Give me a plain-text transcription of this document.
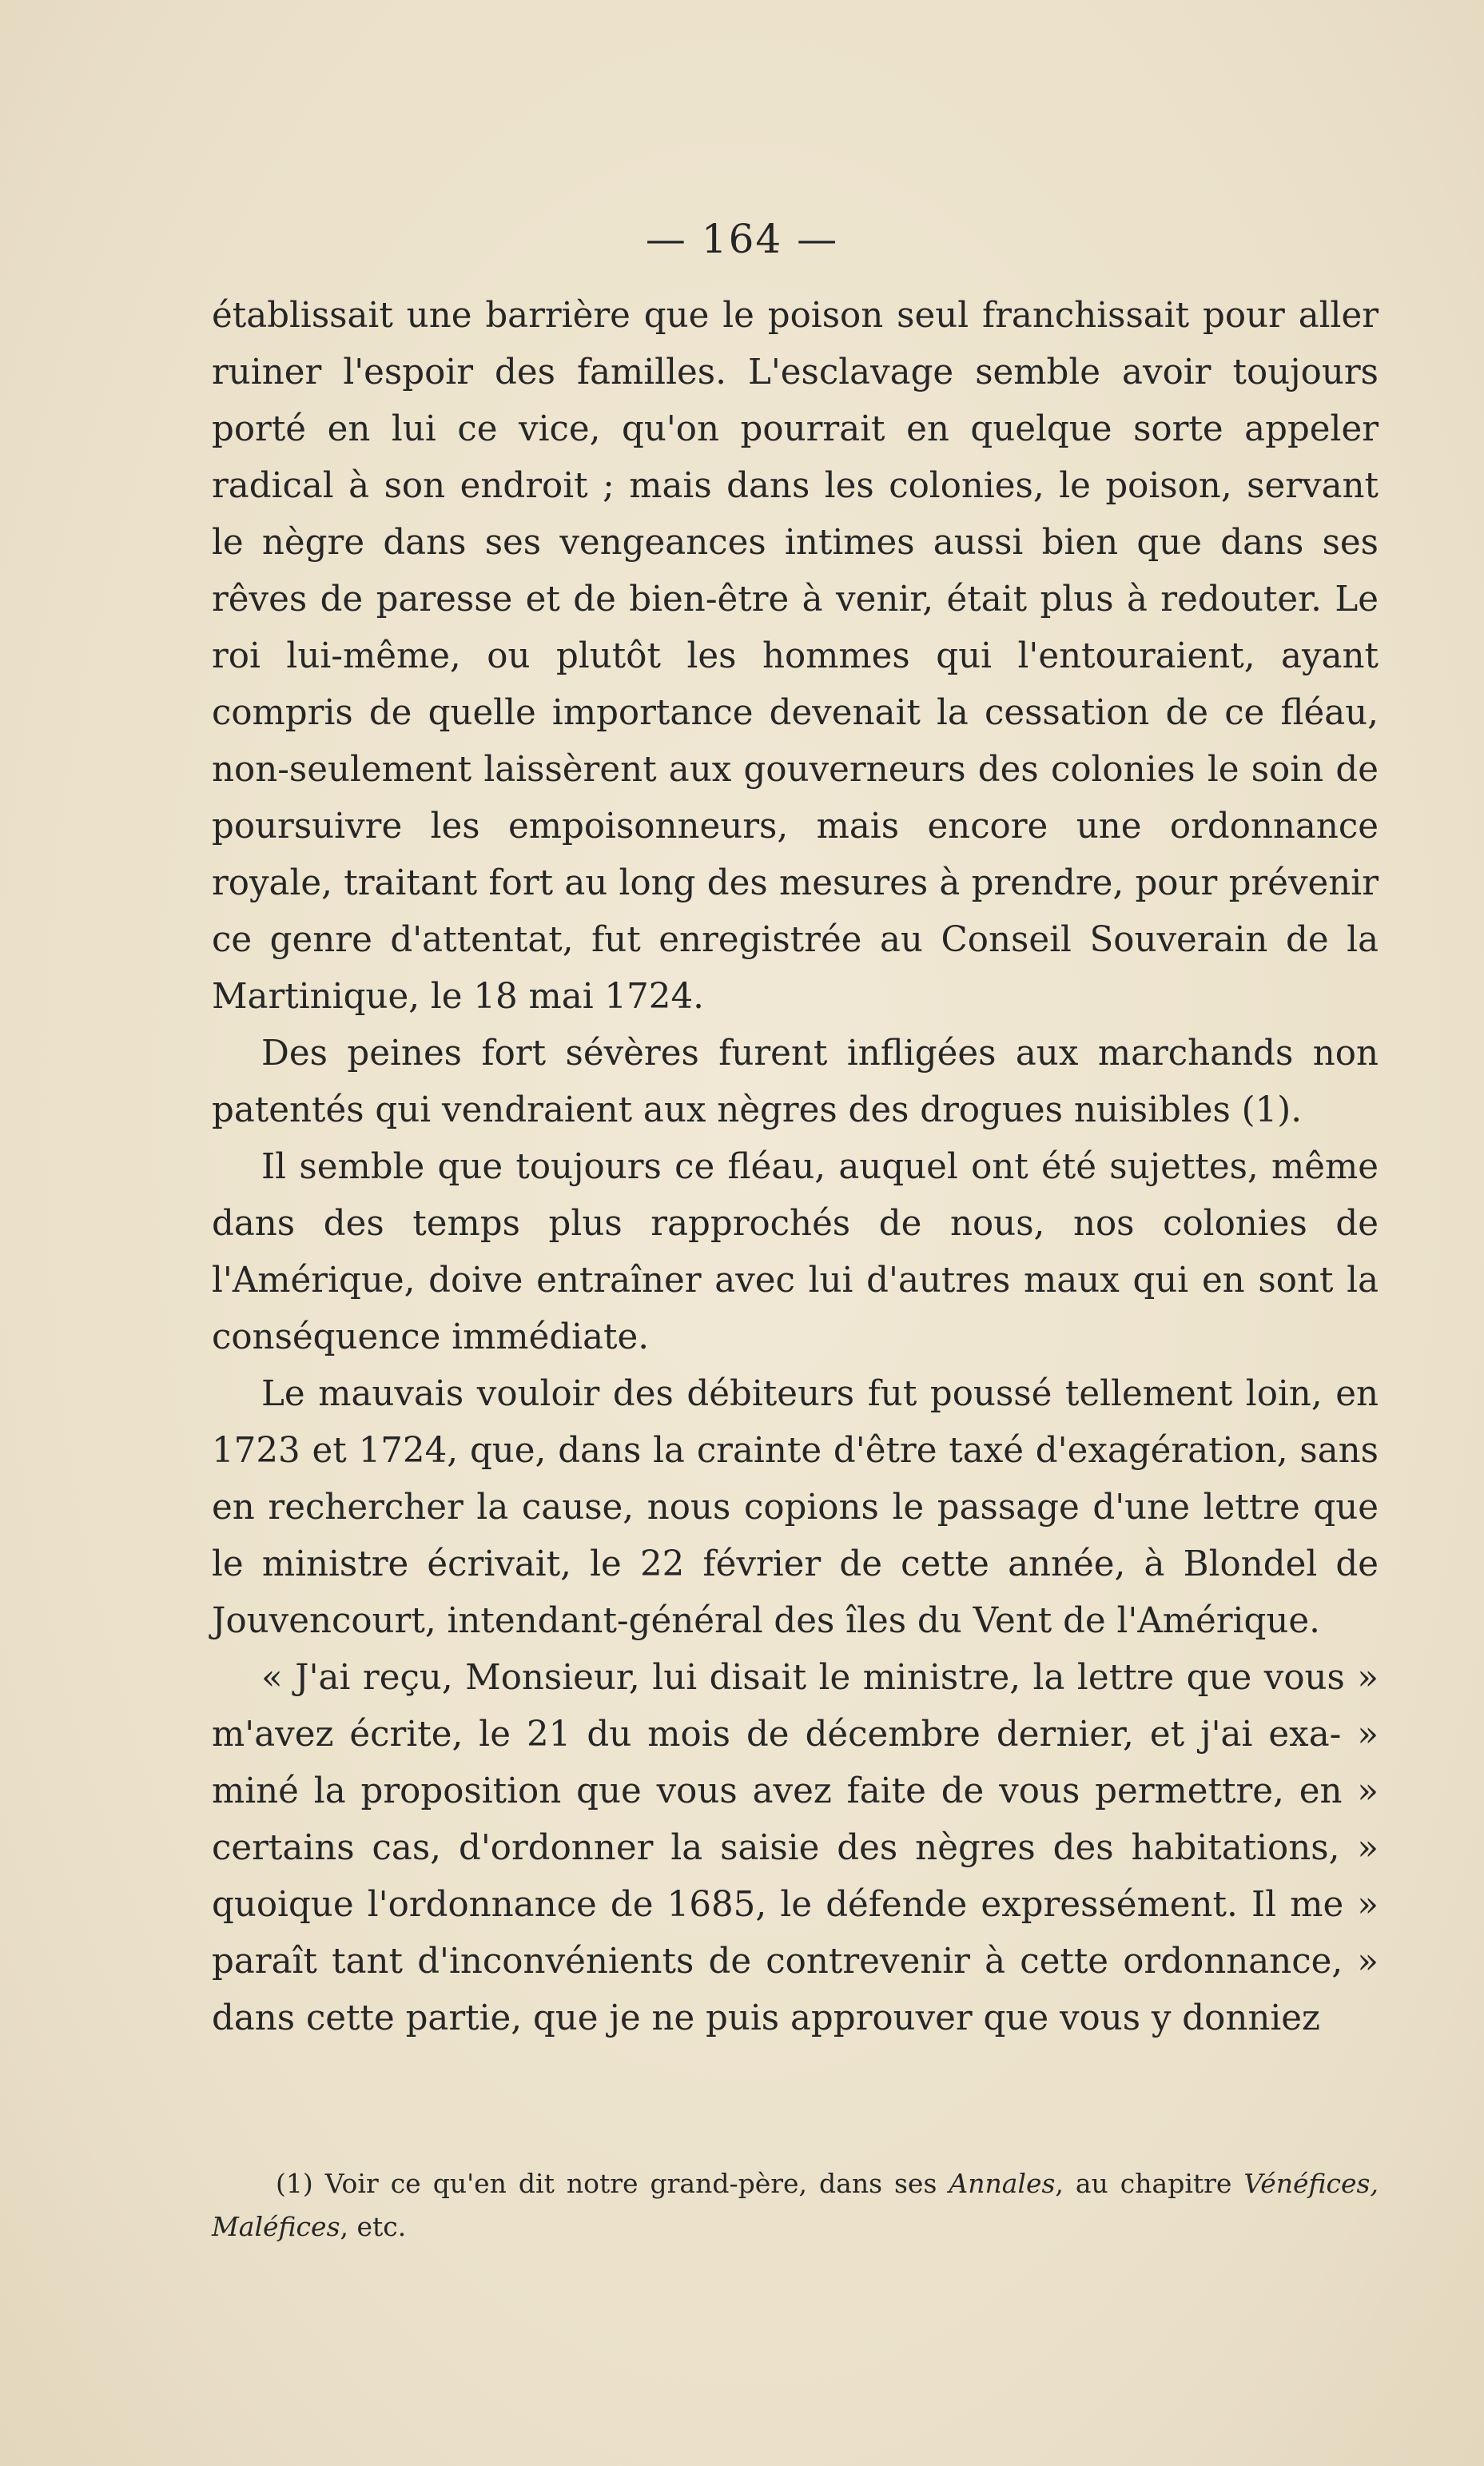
— 164 —

établissait une barrière que le poison seul franchissait pour aller ruiner l'espoir des familles. L'esclavage semble avoir toujours porté en lui ce vice, qu'on pourrait en quelque sorte appeler radical à son endroit ; mais dans les colonies, le poison, servant le nègre dans ses vengeances intimes aussi bien que dans ses rêves de paresse et de bien-être à venir, était plus à redouter. Le roi lui-même, ou plutôt les hommes qui l'entouraient, ayant compris de quelle importance devenait la cessation de ce fléau, non-seulement laissèrent aux gouverneurs des colonies le soin de poursuivre les empoisonneurs, mais encore une ordonnance royale, traitant fort au long des mesures à prendre, pour prévenir ce genre d'attentat, fut enregistrée au Conseil Souverain de la Martinique, le 18 mai 1724.

Des peines fort sévères furent infligées aux marchands non patentés qui vendraient aux nègres des drogues nuisibles (1).

Il semble que toujours ce fléau, auquel ont été sujettes, même dans des temps plus rapprochés de nous, nos colonies de l'Amérique, doive entraîner avec lui d'autres maux qui en sont la conséquence immédiate.

Le mauvais vouloir des débiteurs fut poussé tellement loin, en 1723 et 1724, que, dans la crainte d'être taxé d'exagération, sans en rechercher la cause, nous copions le passage d'une lettre que le ministre écrivait, le 22 février de cette année, à Blondel de Jouvencourt, intendant-général des îles du Vent de l'Amérique.

« J'ai reçu, Monsieur, lui disait le ministre, la lettre que vous » m'avez écrite, le 21 du mois de décembre dernier, et j'ai exa- » miné la proposition que vous avez faite de vous permettre, en » certains cas, d'ordonner la saisie des nègres des habitations, » quoique l'ordonnance de 1685, le défende expressément. Il me » paraît tant d'inconvénients de contrevenir à cette ordonnance, » dans cette partie, que je ne puis approuver que vous y donniez

(1) Voir ce qu'en dit notre grand-père, dans ses Annales, au chapitre Vénéfices, Maléfices, etc.
